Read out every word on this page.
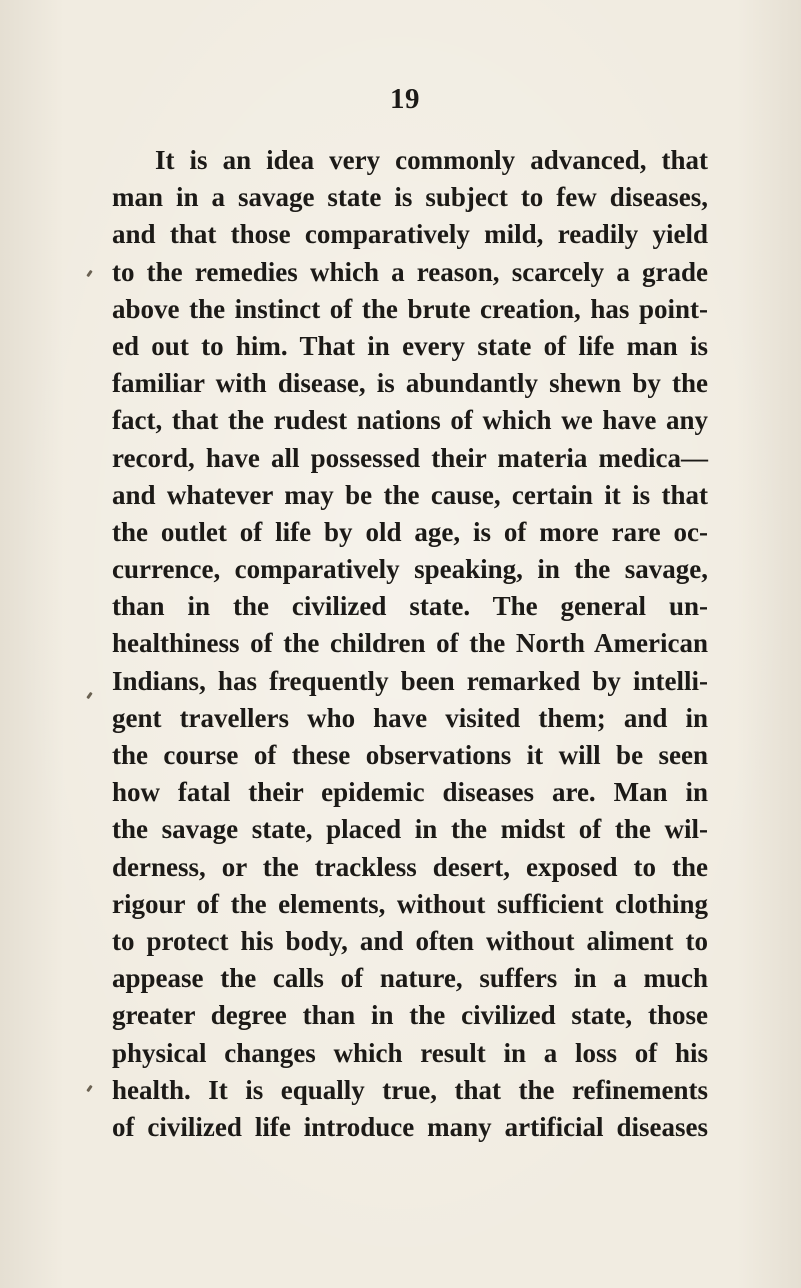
19
It is an idea very commonly advanced, that
man in a savage state is subject to few diseases,
and that those comparatively mild, readily yield
to the remedies which a reason, scarcely a grade
above the instinct of the brute creation, has point-
ed out to him. That in every state of life man is
familiar with disease, is abundantly shewn by the
fact, that the rudest nations of which we have any
record, have all possessed their materia medica—
and whatever may be the cause, certain it is that
the outlet of life by old age, is of more rare oc-
currence, comparatively speaking, in the savage,
than in the civilized state. The general un-
healthiness of the children of the North American
Indians, has frequently been remarked by intelli-
gent travellers who have visited them; and in
the course of these observations it will be seen
how fatal their epidemic diseases are. Man in
the savage state, placed in the midst of the wil-
derness, or the trackless desert, exposed to the
rigour of the elements, without sufficient clothing
to protect his body, and often without aliment to
appease the calls of nature, suffers in a much
greater degree than in the civilized state, those
physical changes which result in a loss of his
health. It is equally true, that the refinements
of civilized life introduce many artificial diseases
